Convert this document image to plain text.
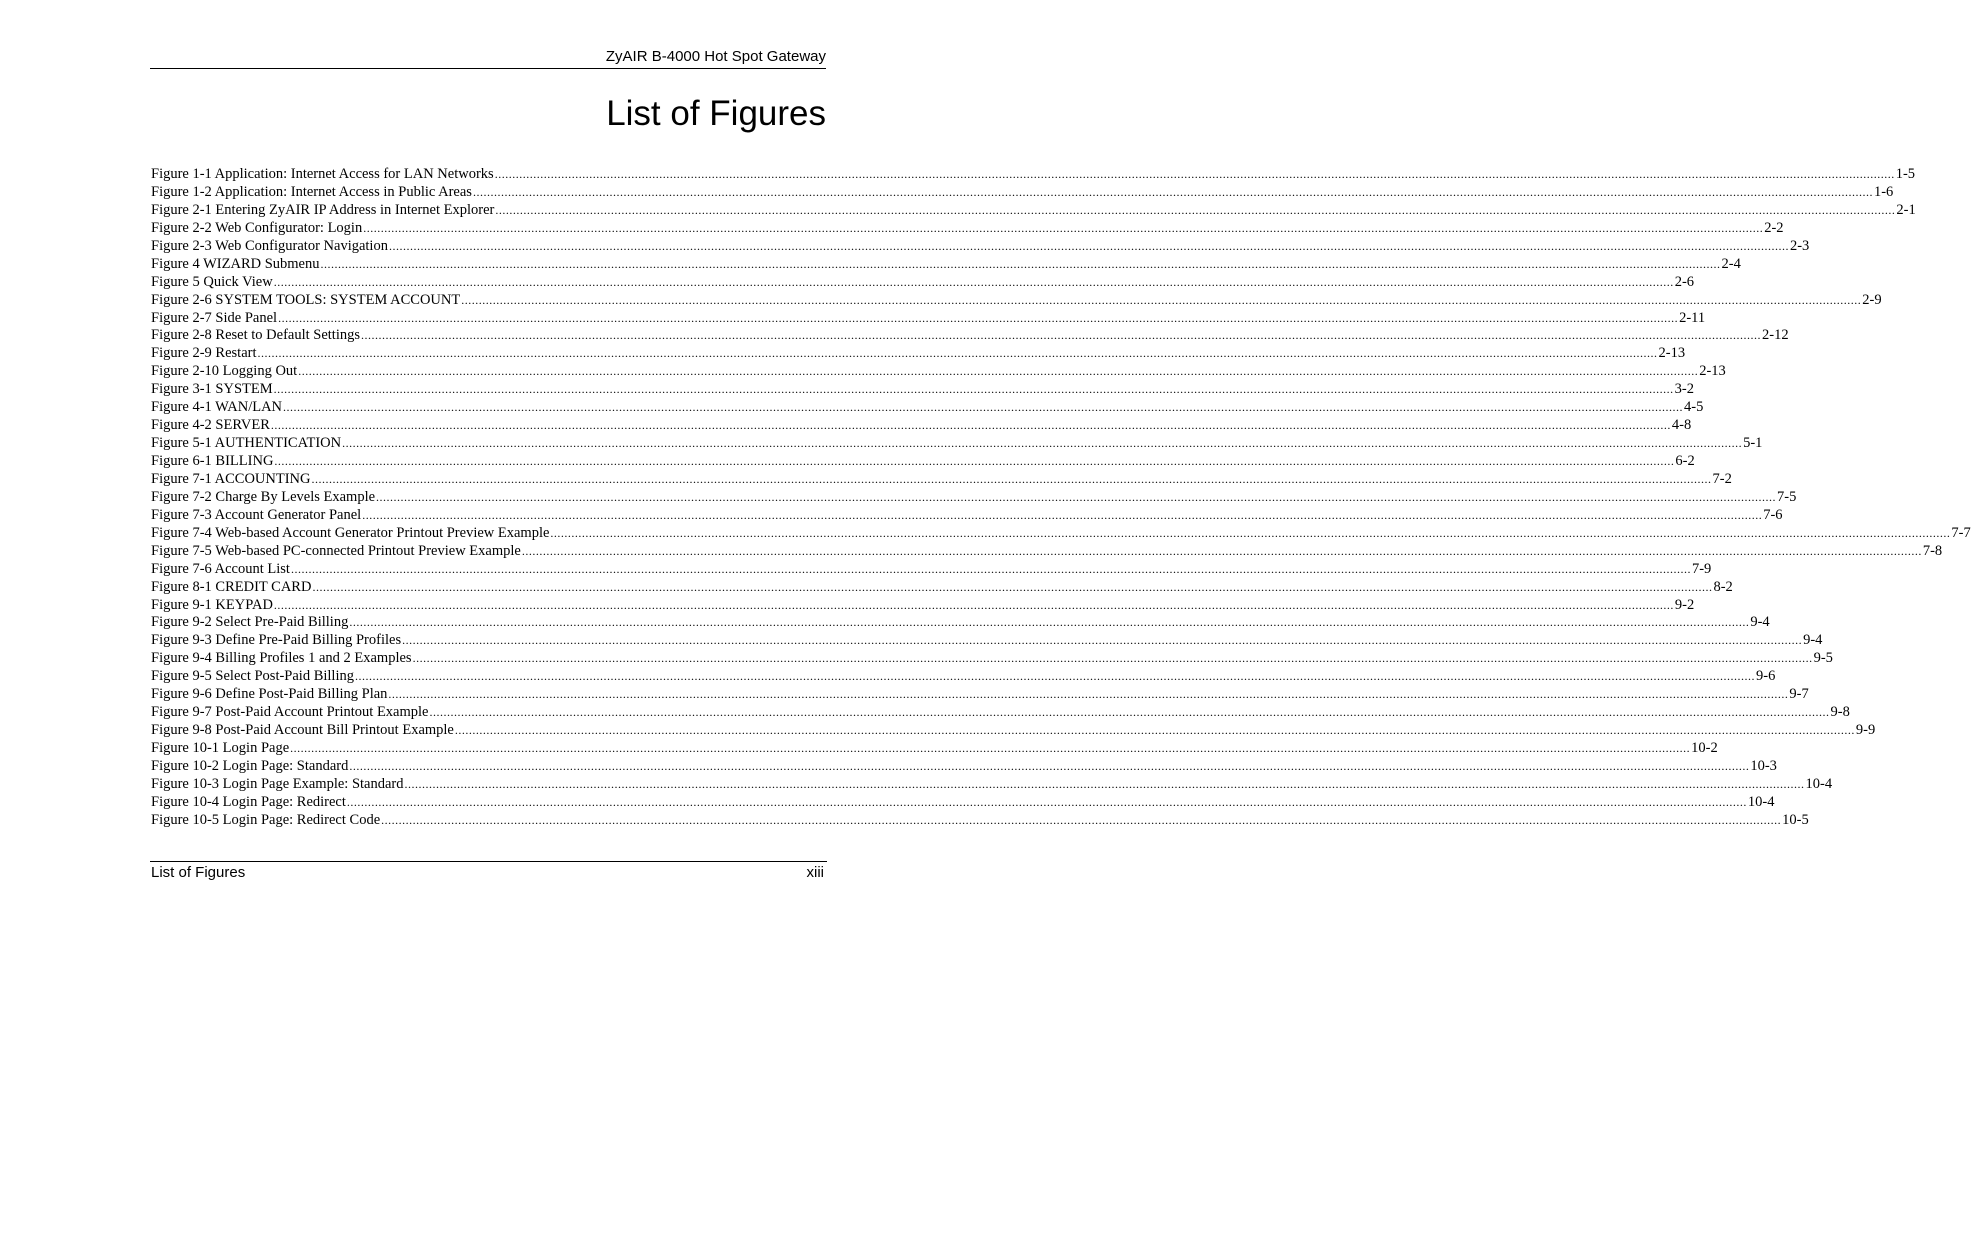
ZyAIR B-4000 Hot Spot Gateway
List of Figures
Figure 1-1 Application: Internet Access for LAN Networks ................................................................................................................................................................................................................................................................................................................................................................................................................ 1-5
Figure 1-2 Application: Internet Access in Public Areas ................................................................................................................................................................................................................................................................................................................................................................................................................ 1-6
Figure 2-1 Entering ZyAIR IP Address in Internet Explorer ................................................................................................................................................................................................................................................................................................................................................................................................................ 2-1
Figure 2-2 Web Configurator: Login ................................................................................................................................................................................................................................................................................................................................................................................................................ 2-2
Figure 2-3 Web Configurator Navigation ................................................................................................................................................................................................................................................................................................................................................................................................................ 2-3
Figure 4 WIZARD Submenu ................................................................................................................................................................................................................................................................................................................................................................................................................ 2-4
Figure 5 Quick View ................................................................................................................................................................................................................................................................................................................................................................................................................ 2-6
Figure 2-6 SYSTEM TOOLS: SYSTEM ACCOUNT ................................................................................................................................................................................................................................................................................................................................................................................................................ 2-9
Figure 2-7 Side Panel ................................................................................................................................................................................................................................................................................................................................................................................................................ 2-11
Figure 2-8 Reset to Default Settings ................................................................................................................................................................................................................................................................................................................................................................................................................ 2-12
Figure 2-9 Restart ................................................................................................................................................................................................................................................................................................................................................................................................................ 2-13
Figure 2-10 Logging Out ................................................................................................................................................................................................................................................................................................................................................................................................................ 2-13
Figure 3-1 SYSTEM ................................................................................................................................................................................................................................................................................................................................................................................................................ 3-2
Figure 4-1 WAN/LAN ................................................................................................................................................................................................................................................................................................................................................................................................................ 4-5
Figure 4-2 SERVER ................................................................................................................................................................................................................................................................................................................................................................................................................ 4-8
Figure 5-1 AUTHENTICATION ................................................................................................................................................................................................................................................................................................................................................................................................................ 5-1
Figure 6-1 BILLING ................................................................................................................................................................................................................................................................................................................................................................................................................ 6-2
Figure 7-1 ACCOUNTING ................................................................................................................................................................................................................................................................................................................................................................................................................ 7-2
Figure 7-2 Charge By Levels Example ................................................................................................................................................................................................................................................................................................................................................................................................................ 7-5
Figure 7-3 Account Generator Panel ................................................................................................................................................................................................................................................................................................................................................................................................................ 7-6
Figure 7-4 Web-based Account Generator Printout Preview Example ................................................................................................................................................................................................................................................................................................................................................................................................................ 7-7
Figure 7-5 Web-based PC-connected Printout Preview Example ................................................................................................................................................................................................................................................................................................................................................................................................................ 7-8
Figure 7-6 Account List ................................................................................................................................................................................................................................................................................................................................................................................................................ 7-9
Figure 8-1 CREDIT CARD ................................................................................................................................................................................................................................................................................................................................................................................................................ 8-2
Figure 9-1 KEYPAD ................................................................................................................................................................................................................................................................................................................................................................................................................ 9-2
Figure 9-2 Select Pre-Paid Billing ................................................................................................................................................................................................................................................................................................................................................................................................................ 9-4
Figure 9-3 Define Pre-Paid Billing Profiles ................................................................................................................................................................................................................................................................................................................................................................................................................ 9-4
Figure 9-4 Billing Profiles 1 and 2 Examples ................................................................................................................................................................................................................................................................................................................................................................................................................ 9-5
Figure 9-5 Select Post-Paid Billing ................................................................................................................................................................................................................................................................................................................................................................................................................ 9-6
Figure 9-6 Define Post-Paid Billing Plan ................................................................................................................................................................................................................................................................................................................................................................................................................ 9-7
Figure 9-7 Post-Paid Account Printout Example ................................................................................................................................................................................................................................................................................................................................................................................................................ 9-8
Figure 9-8 Post-Paid Account Bill Printout Example ................................................................................................................................................................................................................................................................................................................................................................................................................ 9-9
Figure 10-1 Login Page ................................................................................................................................................................................................................................................................................................................................................................................................................ 10-2
Figure 10-2 Login Page: Standard ................................................................................................................................................................................................................................................................................................................................................................................................................ 10-3
Figure 10-3 Login Page Example: Standard ................................................................................................................................................................................................................................................................................................................................................................................................................ 10-4
Figure 10-4 Login Page: Redirect ................................................................................................................................................................................................................................................................................................................................................................................................................ 10-4
Figure 10-5 Login Page: Redirect Code ................................................................................................................................................................................................................................................................................................................................................................................................................ 10-5
List of Figures	xiii
